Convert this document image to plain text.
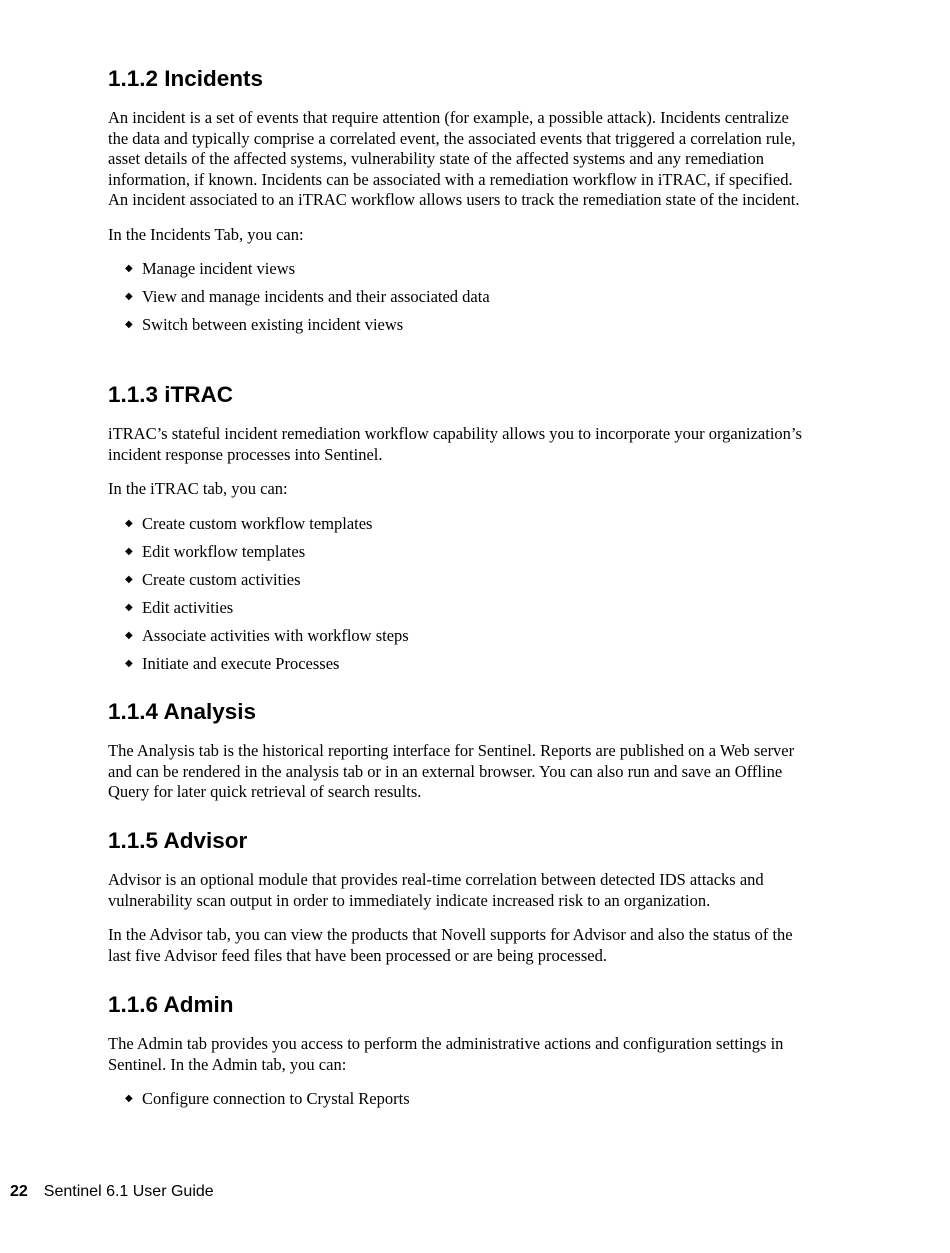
1.1.2 Incidents

An incident is a set of events that require attention (for example, a possible attack). Incidents centralize the data and typically comprise a correlated event, the associated events that triggered a correlation rule, asset details of the affected systems, vulnerability state of the affected systems and any remediation information, if known. Incidents can be associated with a remediation workflow in iTRAC, if specified. An incident associated to an iTRAC workflow allows users to track the remediation state of the incident.

In the Incidents Tab, you can:

◆ Manage incident views
◆ View and manage incidents and their associated data
◆ Switch between existing incident views
1.1.3 iTRAC

iTRAC’s stateful incident remediation workflow capability allows you to incorporate your organization’s incident response processes into Sentinel.

In the iTRAC tab, you can:

◆ Create custom workflow templates
◆ Edit workflow templates
◆ Create custom activities
◆ Edit activities
◆ Associate activities with workflow steps
◆ Initiate and execute Processes
1.1.4 Analysis

The Analysis tab is the historical reporting interface for Sentinel. Reports are published on a Web server and can be rendered in the analysis tab or in an external browser. You can also run and save an Offline Query for later quick retrieval of search results.

1.1.5 Advisor

Advisor is an optional module that provides real-time correlation between detected IDS attacks and vulnerability scan output in order to immediately indicate increased risk to an organization.

In the Advisor tab, you can view the products that Novell supports for Advisor and also the status of the last five Advisor feed files that have been processed or are being processed.

1.1.6 Admin

The Admin tab provides you access to perform the administrative actions and configuration settings in Sentinel. In the Admin tab, you can:

◆ Configure connection to Crystal Reports
22 Sentinel 6.1 User Guide
